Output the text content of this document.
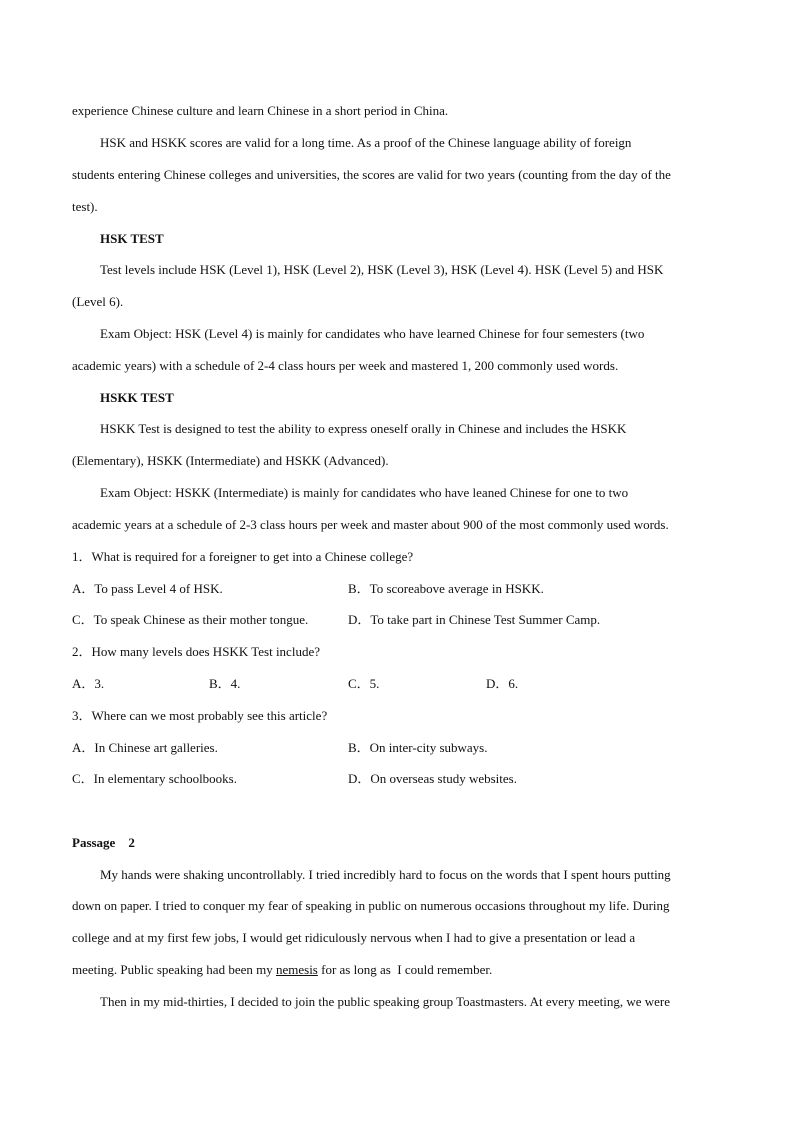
experience Chinese culture and learn Chinese in a short period in China.
HSK and HSKK scores are valid for a long time. As a proof of the Chinese language ability of foreign
students entering Chinese colleges and universities, the scores are valid for two years (counting from the day of the
test).
HSK TEST
Test levels include HSK (Level 1), HSK (Level 2), HSK (Level 3), HSK (Level 4). HSK (Level 5) and HSK
(Level 6).
Exam Object: HSK (Level 4) is mainly for candidates who have learned Chinese for four semesters (two
academic years) with a schedule of 2-4 class hours per week and mastered 1, 200 commonly used words.
HSKK TEST
HSKK Test is designed to test the ability to express oneself orally in Chinese and includes the HSKK
(Elementary), HSKK (Intermediate) and HSKK (Advanced).
Exam Object: HSKK (Intermediate) is mainly for candidates who have leaned Chinese for one to two
academic years at a schedule of 2-3 class hours per week and master about 900 of the most commonly used words.
1．What is required for a foreigner to get into a Chinese college?
A．To pass Level 4 of HSK.	B．To scoreabove average in HSKK.
C．To speak Chinese as their mother tongue.	D．To take part in Chinese Test Summer Camp.
2．How many levels does HSKK Test include?
A．3.	B．4.	C．5.	D．6.
3．Where can we most probably see this article?
A．In Chinese art galleries.	B．On inter-city subways.
C．In elementary schoolbooks.	D．On overseas study websites.
Passage    2
My hands were shaking uncontrollably. I tried incredibly hard to focus on the words that I spent hours putting
down on paper. I tried to conquer my fear of speaking in public on numerous occasions throughout my life. During
college and at my first few jobs, I would get ridiculously nervous when I had to give a presentation or lead a
meeting. Public speaking had been my nemesis for as long as  I could remember.
Then in my mid-thirties, I decided to join the public speaking group Toastmasters. At every meeting, we were
